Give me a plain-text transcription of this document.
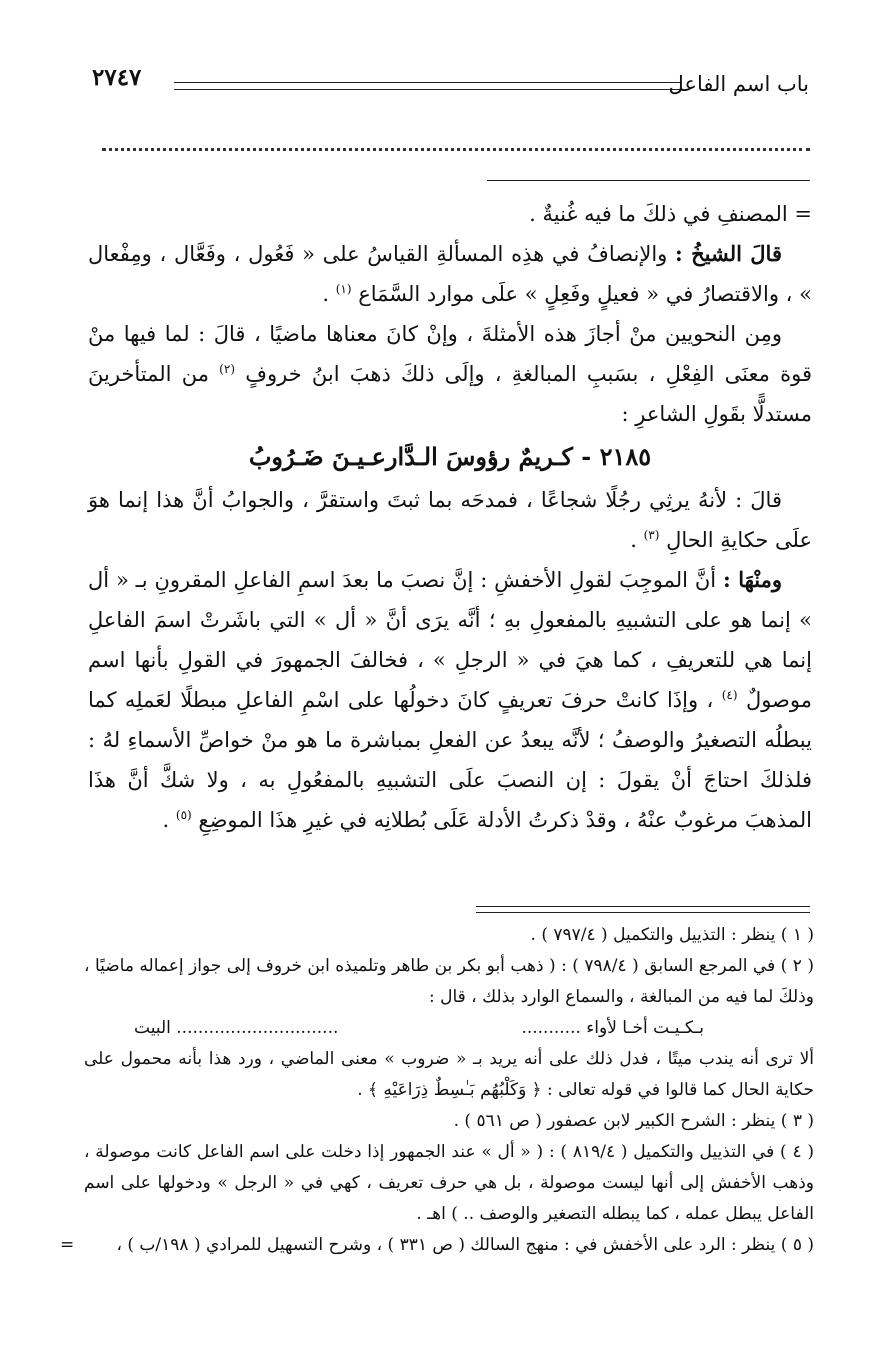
٢٧٤٧	باب اسم الفاعل

= المصنفِ في ذلكَ ما فيه غُنيةٌ .

قالَ الشيخُ : والإنصافُ في هذِه المسألةِ القياسُ على « فَعُول ، وفَعَّال ، ومِفْعال » ، والاقتصارُ في « فعيلٍ وفَعِلٍ » علَى موارد السَّمَاع $^{(١)}$ .

ومِن النحويين منْ أجازَ هذه الأمثلةَ ، وإنْ كانَ معناها ماضيًا ، قالَ : لما فيها منْ قوة معنَى الفِعْلِ ، بسَببِ المبالغةِ ، وإلَى ذلكَ ذهبَ ابنُ خروفٍ $^{(٢)}$ من المتأخرينَ مستدلًّا بقَولِ الشاعرِ :

٢١٨٥ - كـريمٌ رؤوسَ الـدَّارعـيـنَ ضَـرُوبُ

قالَ : لأنهُ يرثِي رجُلًا شجاعًا ، فمدحَه بما ثبتَ واستقرَّ ، والجوابُ أنَّ هذا إنما هوَ علَى حكايةِ الحالِ $^{(٣)}$ .

ومنْهَا : أنَّ الموجِبَ لقولِ الأخفشِ : إنَّ نصبَ ما بعدَ اسمِ الفاعلِ المقرونِ بـ « أل » إنما هو على التشبيهِ بالمفعولِ بهِ ؛ أنَّه يرَى أنَّ « أل » التي باشَرتْ اسمَ الفاعلِ إنما هي للتعريفِ ، كما هيَ في « الرجلِ » ، فخالفَ الجمهورَ في القولِ بأنها اسم موصولٌ $^{(٤)}$ ، وإذَا كانتْ حرفَ تعريفٍ كانَ دخولُها على اسْمِ الفاعلِ مبطلًا لعَملِه كما يبطلُه التصغيرُ والوصفُ ؛ لأنَّه يبعدُ عن الفعلِ بمباشرة ما هو منْ خواصِّ الأسماءِ لهُ : فلذلكَ احتاجَ أنْ يقولَ : إن النصبَ علَى التشبيهِ بالمفعُولِ به ، ولا شكَّ أنَّ هذَا المذهبَ مرغوبٌ عنْهُ ، وقدْ ذكرتُ الأدلة عَلَى بُطلانِه في غيرِ هذَا الموضِعِ $^{(٥)}$ .

( ١ ) ينظر : التذييل والتكميل ( ٧٩٧/٤ ) .

( ٢ ) في المرجع السابق ( ٧٩٨/٤ ) : ( ذهب أبو بكر بن طاهر وتلميذه ابن خروف إلى جواز إعماله ماضيًا ، وذلكَ لما فيه من المبالغة ، والسماع الوارد بذلك ، قال :

بـكـيـت أخـا لأواء ...........
.............................. البيت

ألا ترى أنه يندب ميتًا ، فدل ذلك على أنه يريد بـ « ضروب » معنى الماضي ، ورد هذا بأنه محمول على حكاية الحال كما قالوا في قوله تعالى : ﴿ وَكَلْبُهُم بَـٰسِطٌ ذِرَاعَيْهِ ﴾ .

( ٣ ) ينظر : الشرح الكبير لابن عصفور ( ص ٥٦١ ) .

( ٤ ) في التذييل والتكميل ( ٨١٩/٤ ) : ( « أل » عند الجمهور إذا دخلت على اسم الفاعل كانت موصولة ، وذهب الأخفش إلى أنها ليست موصولة ، بل هي حرف تعريف ، كهي في « الرجل » ودخولها على اسم الفاعل يبطل عمله ، كما يبطله التصغير والوصف .. ) اهـ .

( ٥ ) ينظر : الرد على الأخفش في : منهج السالك ( ص ٣٣١ ) ، وشرح التسهيل للمرادي ( ١٩٨/ب ) ،
=
